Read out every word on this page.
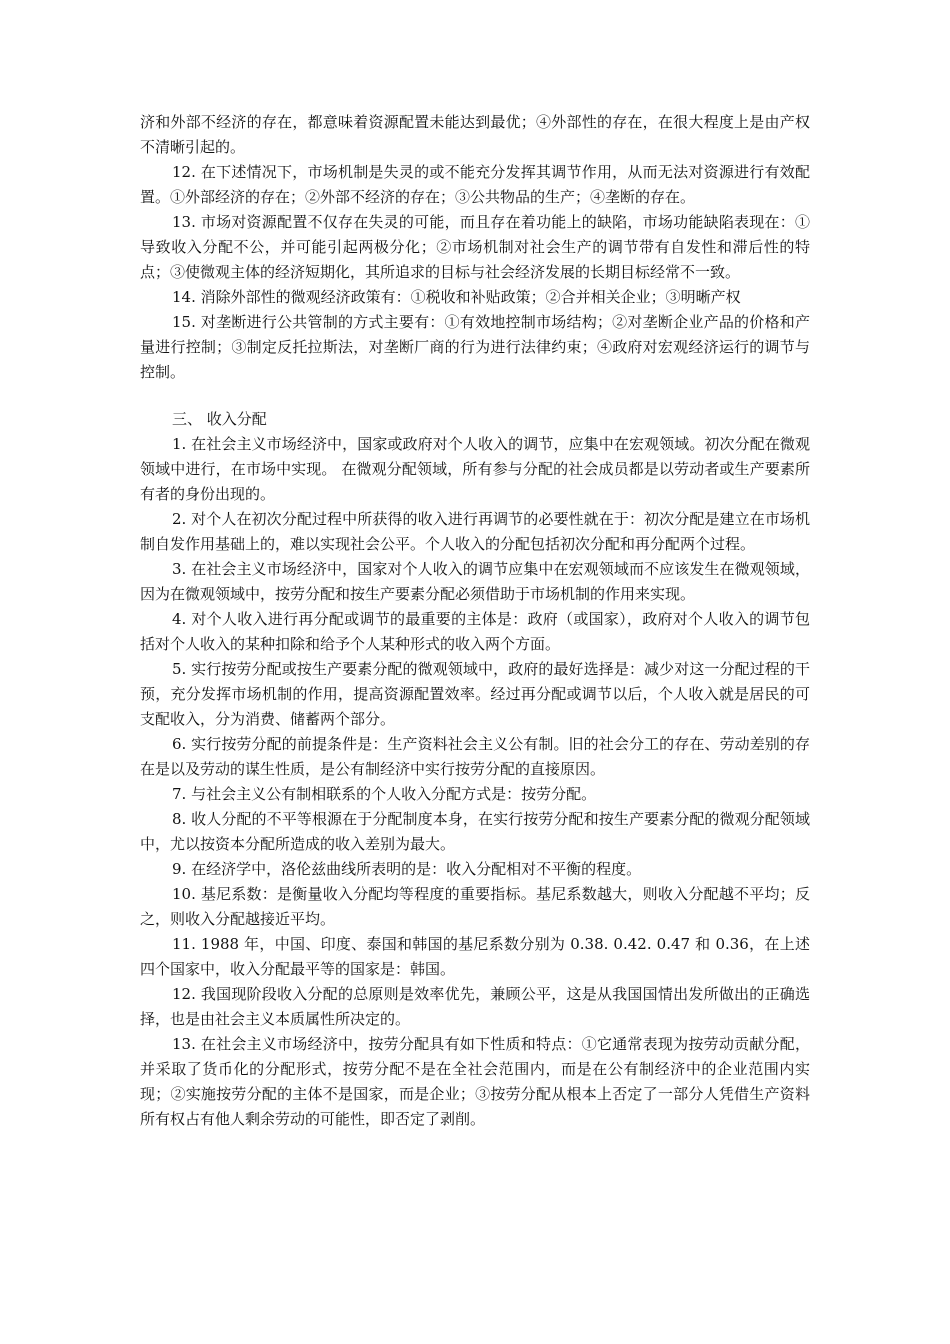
济和外部不经济的存在，都意味着资源配置未能达到最优；④外部性的存在，在很大程度上是由产权不清晰引起的。

12. 在下述情况下，市场机制是失灵的或不能充分发挥其调节作用，从而无法对资源进行有效配置。①外部经济的存在；②外部不经济的存在；③公共物品的生产；④垄断的存在。

13. 市场对资源配置不仅存在失灵的可能，而且存在着功能上的缺陷，市场功能缺陷表现在：①导致收入分配不公，并可能引起两极分化；②市场机制对社会生产的调节带有自发性和滞后性的特点；③使微观主体的经济短期化，其所追求的目标与社会经济发展的长期目标经常不一致。

14. 消除外部性的微观经济政策有：①税收和补贴政策；②合并相关企业；③明晰产权

15. 对垄断进行公共管制的方式主要有：①有效地控制市场结构；②对垄断企业产品的价格和产量进行控制；③制定反托拉斯法，对垄断厂商的行为进行法律约束；④政府对宏观经济运行的调节与控制。

三、 收入分配

1. 在社会主义市场经济中，国家或政府对个人收入的调节，应集中在宏观领域。初次分配在微观领域中进行，在市场中实现。 在微观分配领域，所有参与分配的社会成员都是以劳动者或生产要素所有者的身份出现的。

2. 对个人在初次分配过程中所获得的收入进行再调节的必要性就在于：初次分配是建立在市场机制自发作用基础上的，难以实现社会公平。个人收入的分配包括初次分配和再分配两个过程。

3. 在社会主义市场经济中，国家对个人收入的调节应集中在宏观领域而不应该发生在微观领域，因为在微观领域中，按劳分配和按生产要素分配必须借助于市场机制的作用来实现。

4. 对个人收入进行再分配或调节的最重要的主体是：政府（或国家），政府对个人收入的调节包括对个人收入的某种扣除和给予个人某种形式的收入两个方面。

5. 实行按劳分配或按生产要素分配的微观领域中，政府的最好选择是：减少对这一分配过程的干预，充分发挥市场机制的作用，提高资源配置效率。经过再分配或调节以后，个人收入就是居民的可支配收入，分为消费、储蓄两个部分。

6. 实行按劳分配的前提条件是：生产资料社会主义公有制。旧的社会分工的存在、劳动差别的存在是以及劳动的谋生性质，是公有制经济中实行按劳分配的直接原因。

7. 与社会主义公有制相联系的个人收入分配方式是：按劳分配。

8. 收人分配的不平等根源在于分配制度本身，在实行按劳分配和按生产要素分配的微观分配领域中，尤以按资本分配所造成的收入差别为最大。

9. 在经济学中，洛伦兹曲线所表明的是：收入分配相对不平衡的程度。

10. 基尼系数：是衡量收入分配均等程度的重要指标。基尼系数越大，则收入分配越不平均；反之，则收入分配越接近平均。

11. 1988 年，中国、印度、泰国和韩国的基尼系数分别为 0.38. 0.42. 0.47 和 0.36，在上述四个国家中，收入分配最平等的国家是：韩国。

12. 我国现阶段收入分配的总原则是效率优先，兼顾公平，这是从我国国情出发所做出的正确选择，也是由社会主义本质属性所决定的。

13. 在社会主义市场经济中，按劳分配具有如下性质和特点：①它通常表现为按劳动贡献分配，并采取了货币化的分配形式，按劳分配不是在全社会范围内，而是在公有制经济中的企业范围内实现；②实施按劳分配的主体不是国家，而是企业；③按劳分配从根本上否定了一部分人凭借生产资料所有权占有他人剩余劳动的可能性，即否定了剥削。
